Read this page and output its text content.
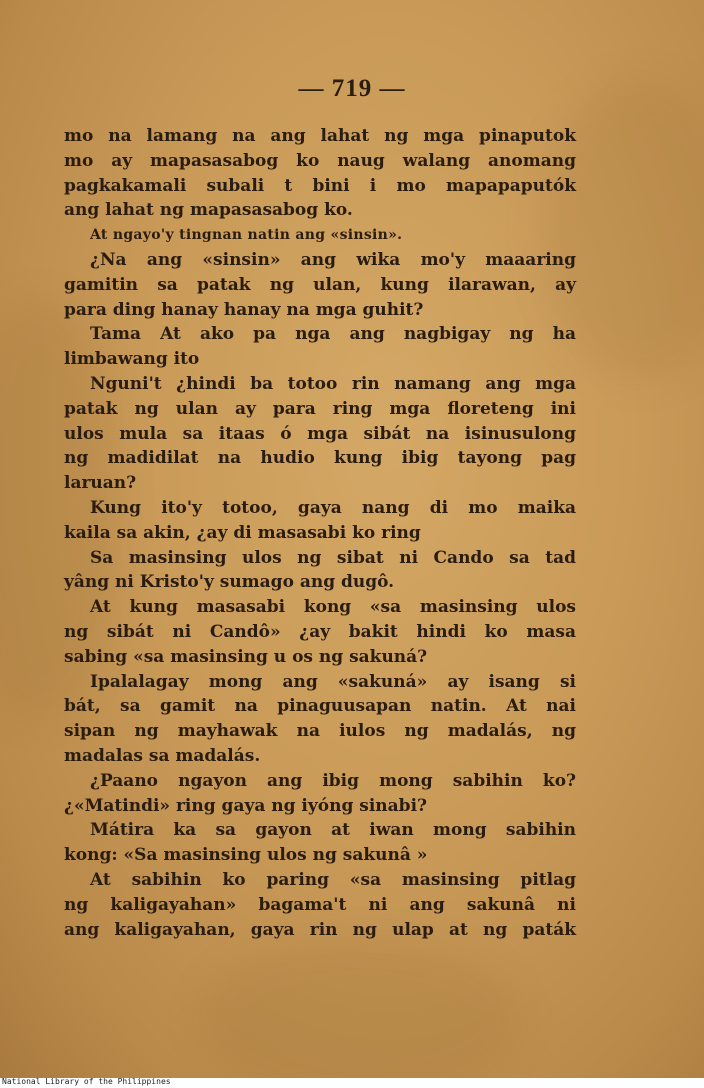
— 719 —
mo na lamang na ang lahat ng mga pinaputok
mo ay mapasasabog ko naug walang anomang
pagkakamali subali t bini i mo mapapaputók
ang lahat ng mapasasabog ko.
At ngayo'y tingnan natin ang «sinsin».
¿Na ang «sinsin» ang wika mo'y maaaring
gamitin sa patak ng ulan, kung ilarawan, ay
para ding hanay hanay na mga guhit?
Tama At ako pa nga ang nagbigay ng ha
limbawang ito
Nguni't ¿hindi ba totoo rin namang ang mga
patak ng ulan ay para ring mga floreteng ini
ulos mula sa itaas ó mga sibát na isinusulong
ng madidilat na hudio kung ibig tayong pag
laruan?
Kung ito'y totoo, gaya nang di mo maika
kaila sa akin, ¿ay di masasabi ko ring
Sa masinsing ulos ng sibat ni Cando sa tad
yâng ni Kristo'y sumago ang dugô.
At kung masasabi kong «sa masinsing ulos
ng sibát ni Candô» ¿ay bakit hindi ko masa
sabing «sa masinsing u os ng sakuná?
Ipalalagay mong ang «sakuná» ay isang si
bát, sa gamit na pinaguusapan natin. At nai
sipan ng mayhawak na iulos ng madalás, ng
madalas sa madalás.
¿Paano ngayon ang ibig mong sabihin ko?
¿«Matindi» ring gaya ng iyóng sinabi?
Mátira ka sa gayon at iwan mong sabihin
kong: «Sa masinsing ulos ng sakunâ »
At sabihin ko paring «sa masinsing pitlag
ng kaligayahan» bagama't ni ang sakunâ ni
ang kaligayahan, gaya rin ng ulap at ng paták
National Library of the Philippines
